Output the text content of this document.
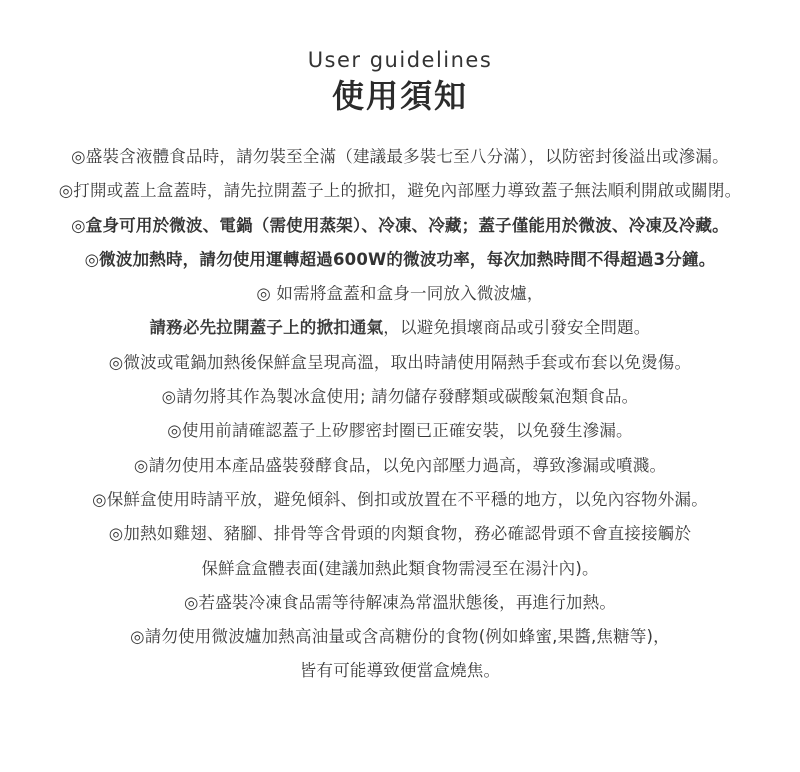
User guidelines
使用須知
◎盛裝含液體食品時，請勿裝至全滿（建議最多裝七至八分滿），以防密封後溢出或滲漏。
◎打開或蓋上盒蓋時，請先拉開蓋子上的掀扣，避免內部壓力導致蓋子無法順利開啟或關閉。
◎盒身可用於微波、電鍋（需使用蒸架）、冷凍、冷藏；蓋子僅能用於微波、冷凍及冷藏。
◎微波加熱時，請勿使用運轉超過600W的微波功率，每次加熱時間不得超過3分鐘。
◎ 如需將盒蓋和盒身一同放入微波爐，
請務必先拉開蓋子上的掀扣通氣，以避免損壞商品或引發安全問題。
◎微波或電鍋加熱後保鮮盒呈現高溫，取出時請使用隔熱手套或布套以免燙傷。
◎請勿將其作為製冰盒使用; 請勿儲存發酵類或碳酸氣泡類食品。
◎使用前請確認蓋子上矽膠密封圈已正確安裝，以免發生滲漏。
◎請勿使用本產品盛裝發酵食品，以免內部壓力過高，導致滲漏或噴濺。
◎保鮮盒使用時請平放，避免傾斜、倒扣或放置在不平穩的地方，以免內容物外漏。
◎加熱如雞翅、豬腳、排骨等含骨頭的肉類食物，務必確認骨頭不會直接接觸於
保鮮盒盒體表面(建議加熱此類食物需浸至在湯汁內)。
◎若盛裝冷凍食品需等待解凍為常溫狀態後，再進行加熱。
◎請勿使用微波爐加熱高油量或含高糖份的食物(例如蜂蜜,果醬,焦糖等)，
皆有可能導致便當盒燒焦。
